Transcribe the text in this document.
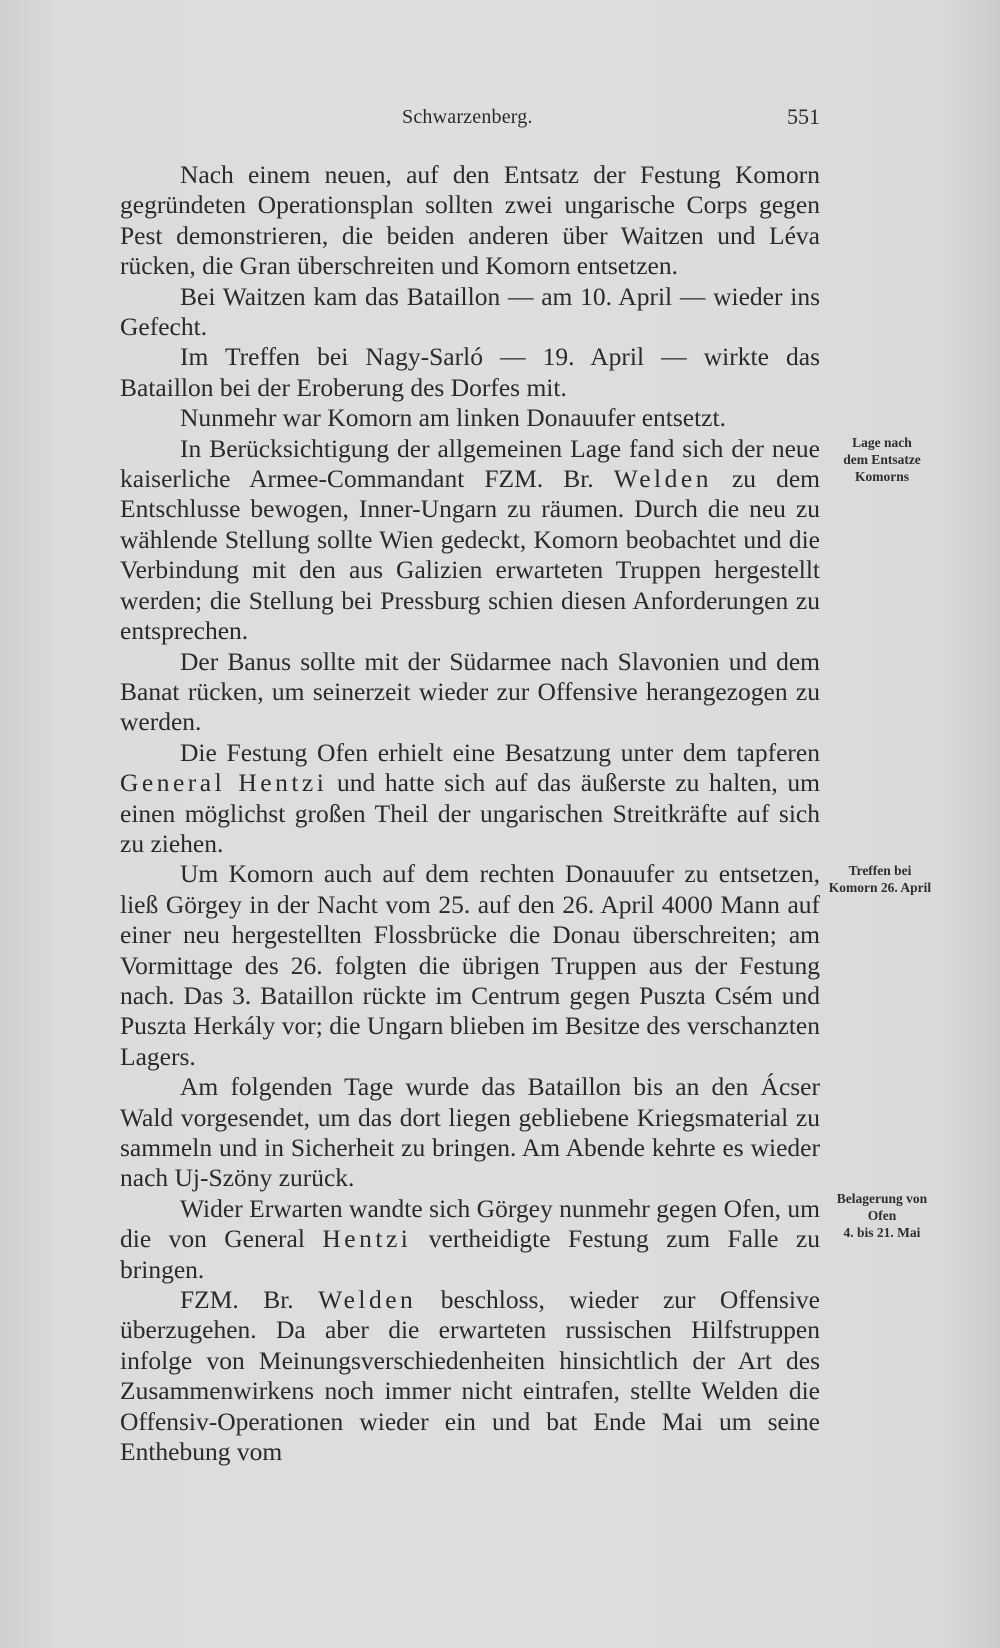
Schwarzenberg.	551

Nach einem neuen, auf den Entsatz der Festung Komorn gegründeten Operationsplan sollten zwei ungarische Corps gegen Pest demonstrieren, die beiden anderen über Waitzen und Léva rücken, die Gran überschreiten und Komorn entsetzen.

Bei Waitzen kam das Bataillon — am 10. April — wieder ins Gefecht.

Im Treffen bei Nagy-Sarló — 19. April — wirkte das Bataillon bei der Eroberung des Dorfes mit.

Nunmehr war Komorn am linken Donauufer entsetzt.

In Berücksichtigung der allgemeinen Lage fand sich der neue kaiserliche Armee-Commandant FZM. Br. Welden zu dem Entschlusse bewogen, Inner-Ungarn zu räumen. Durch die neu zu wählende Stellung sollte Wien gedeckt, Komorn beobachtet und die Verbindung mit den aus Galizien erwarteten Truppen hergestellt werden; die Stellung bei Pressburg schien diesen Anforderungen zu entsprechen.

Der Banus sollte mit der Südarmee nach Slavonien und dem Banat rücken, um seinerzeit wieder zur Offensive herangezogen zu werden.

Die Festung Ofen erhielt eine Besatzung unter dem tapferen General Hentzi und hatte sich auf das äußerste zu halten, um einen möglichst großen Theil der ungarischen Streitkräfte auf sich zu ziehen.

Um Komorn auch auf dem rechten Donauufer zu entsetzen, ließ Görgey in der Nacht vom 25. auf den 26. April 4000 Mann auf einer neu hergestellten Flossbrücke die Donau überschreiten; am Vormittage des 26. folgten die übrigen Truppen aus der Festung nach. Das 3. Bataillon rückte im Centrum gegen Puszta Csém und Puszta Herkály vor; die Ungarn blieben im Besitze des verschanzten Lagers.

Am folgenden Tage wurde das Bataillon bis an den Ácser Wald vorgesendet, um das dort liegen gebliebene Kriegsmaterial zu sammeln und in Sicherheit zu bringen. Am Abende kehrte es wieder nach Uj-Szöny zurück.

Wider Erwarten wandte sich Görgey nunmehr gegen Ofen, um die von General Hentzi vertheidigte Festung zum Falle zu bringen.

FZM. Br. Welden beschloss, wieder zur Offensive überzugehen. Da aber die erwarteten russischen Hilfstruppen infolge von Meinungsverschiedenheiten hinsichtlich der Art des Zusammenwirkens noch immer nicht eintrafen, stellte Welden die Offensiv-Operationen wieder ein und bat Ende Mai um seine Enthebung vom

Lage nach
dem Entsatze
Komorns
Treffen bei
Komorn 26. April
Belagerung von
Ofen
4. bis 21. Mai
